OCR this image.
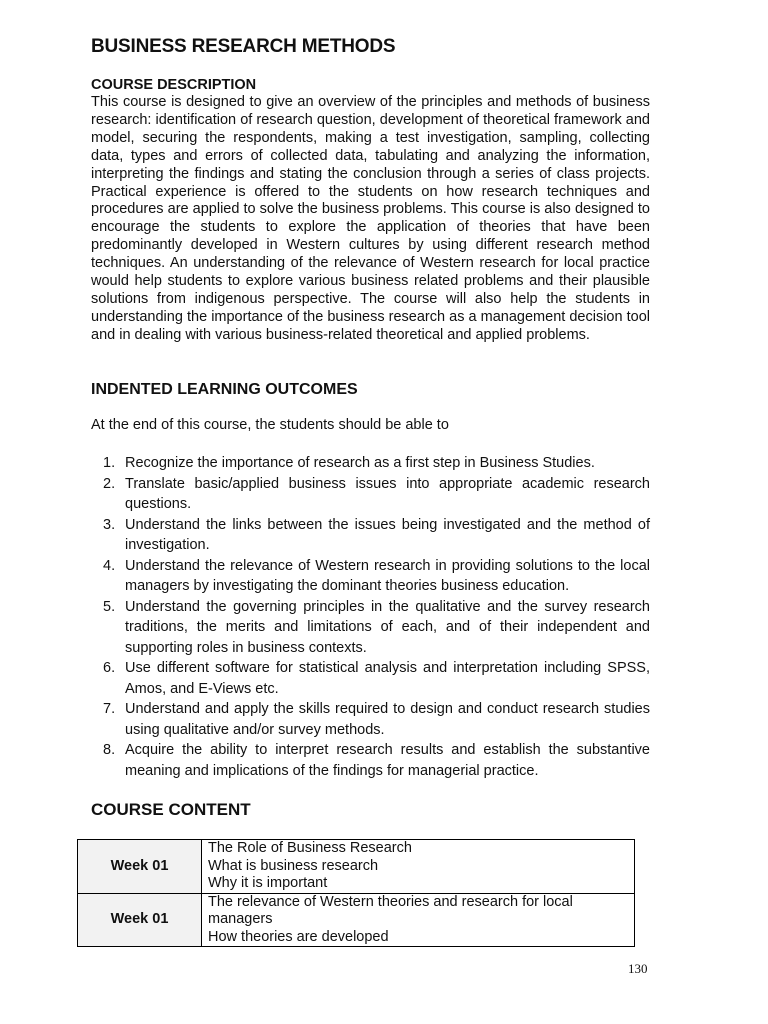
BUSINESS RESEARCH METHODS
COURSE DESCRIPTION

This course is designed to give an overview of the principles and methods of business research: identification of research question, development of theoretical framework and model, securing the respondents, making a test investigation, sampling, collecting data, types and errors of collected data, tabulating and analyzing the information, interpreting the findings and stating the conclusion through a series of class projects. Practical experience is offered to the students on how research techniques and procedures are applied to solve the business problems. This course is also designed to encourage the students to explore the application of theories that have been predominantly developed in Western cultures by using different research method techniques. An understanding of the relevance of Western research for local practice would help students to explore various business related problems and their plausible solutions from indigenous perspective. The course will also help the students in understanding the importance of the business research as a management decision tool and in dealing with various business-related theoretical and applied problems.

INDENTED LEARNING OUTCOMES

At the end of this course, the students should be able to

1. Recognize the importance of research as a first step in Business Studies.
2. Translate basic/applied business issues into appropriate academic research questions.
3. Understand the links between the issues being investigated and the method of investigation.
4. Understand the relevance of Western research in providing solutions to the local managers by investigating the dominant theories business education.
5. Understand the governing principles in the qualitative and the survey research traditions, the merits and limitations of each, and of their independent and supporting roles in business contexts.
6. Use different software for statistical analysis and interpretation including SPSS, Amos, and E-Views etc.
7. Understand and apply the skills required to design and conduct research studies using qualitative and/or survey methods.
8. Acquire the ability to interpret research results and establish the substantive meaning and implications of the findings for managerial practice.
COURSE CONTENT
Week 01	The Role of Business Research
What is business research
Why it is important

Week 01	The relevance of Western theories and research for local managers
How theories are developed
130
